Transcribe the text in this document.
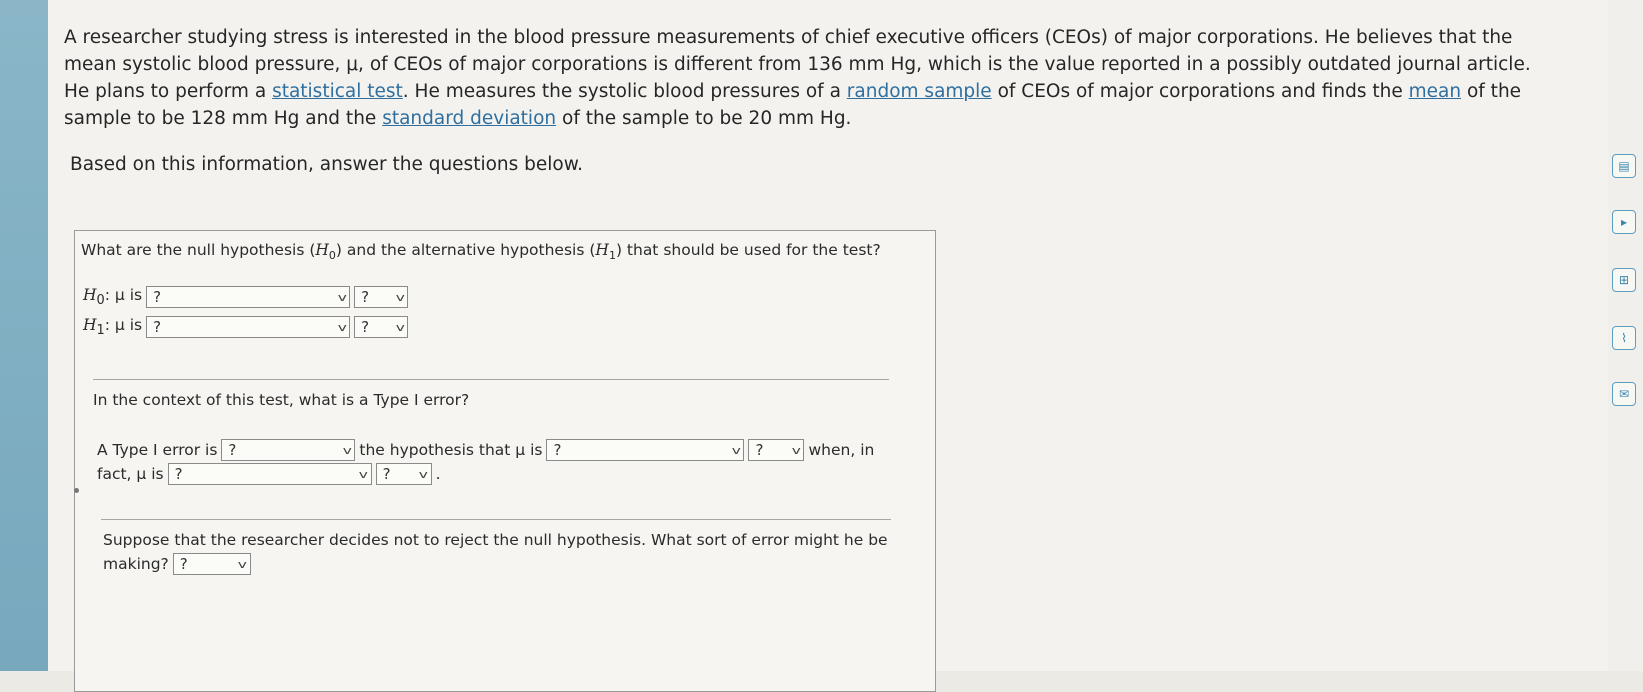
A researcher studying stress is interested in the blood pressure measurements of chief executive officers (CEOs) of major corporations. He believes that the

mean systolic blood pressure, μ, of CEOs of major corporations is different from 136 mm Hg, which is the value reported in a possibly outdated journal article.

He plans to perform a statistical test. He measures the systolic blood pressures of a random sample of CEOs of major corporations and finds the mean of the

sample to be 128 mm Hg and the standard deviation of the sample to be 20 mm Hg.

Based on this information, answer the questions below.
What are the null hypothesis $(H_0)$ and the alternative hypothesis $(H_1)$ that should be used for the test?
$H_0$: μ is ?	v ? v
$H_1$: μ is ?	v ? v
In the context of this test, what is a Type I error?
A Type I error is ?	v the hypothesis that μ is ?	v ?	v when, in
fact, μ is ?	v ?	v .
Suppose that the researcher decides not to reject the null hypothesis. What sort of error might he be
making? ?	v
▤
▸
⊞
⌇
✉
